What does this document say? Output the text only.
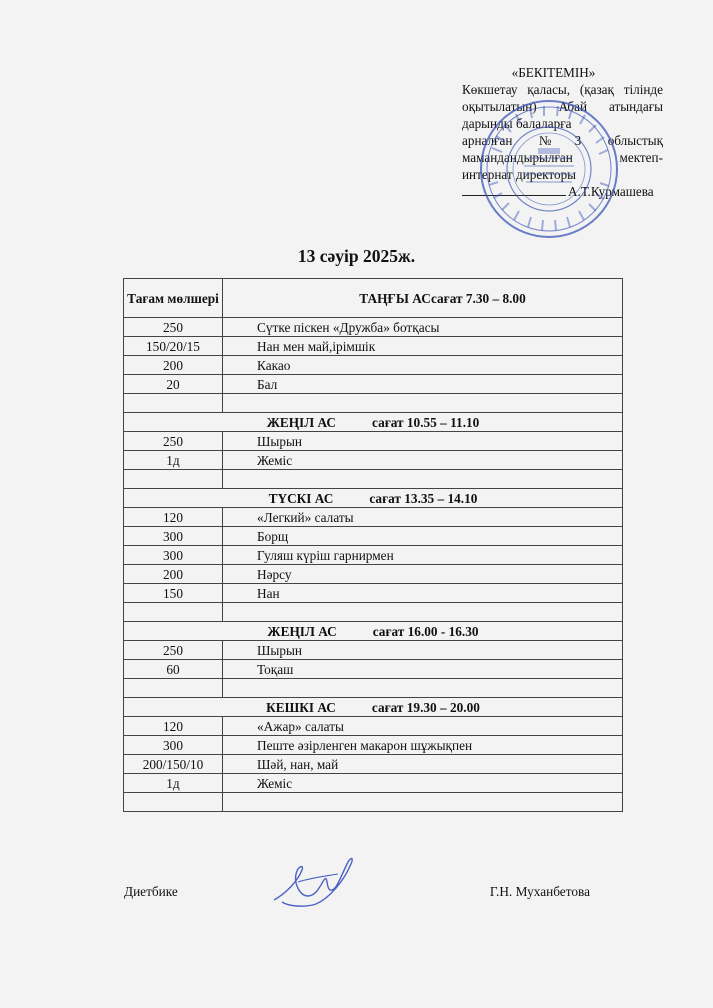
«БЕКІТЕМІН»
Көкшетау қаласы, (қазақ тілінде
оқытылатын) Абай атындағы
дарынды балаларға
арналған №3 облыстық
мамандандырылған мектеп-
интернат директоры
А.Т.Курмашева
13 сәуір 2025ж.
Тағам мөлшері	ТАҢҒЫ АСсағат 7.30 – 8.00
250	Сүтке піскен «Дружба» ботқасы
150/20/15	Нан мен май,ірімшік
200	Какао
20	Бал

ЖЕҢІЛ АС сағат 10.55 – 11.10	
250	Шырын
1д	Жеміс

ТҮСКІ АС сағат 13.35 – 14.10	
120	«Легкий» салаты
300	Борщ
300	Гуляш күріш гарнирмен
200	Нәрсу
150	Нан

ЖЕҢІЛ АС сағат 16.00 - 16.30	
250	Шырын
60	Тоқаш

КЕШКІ АС сағат 19.30 – 20.00	
120	«Ажар» салаты
300	Пеште әзірленген макарон шұжықпен
200/150/10	Шәй, нан, май
1д	Жеміс

Диетбике	Г.Н. Муханбетова
